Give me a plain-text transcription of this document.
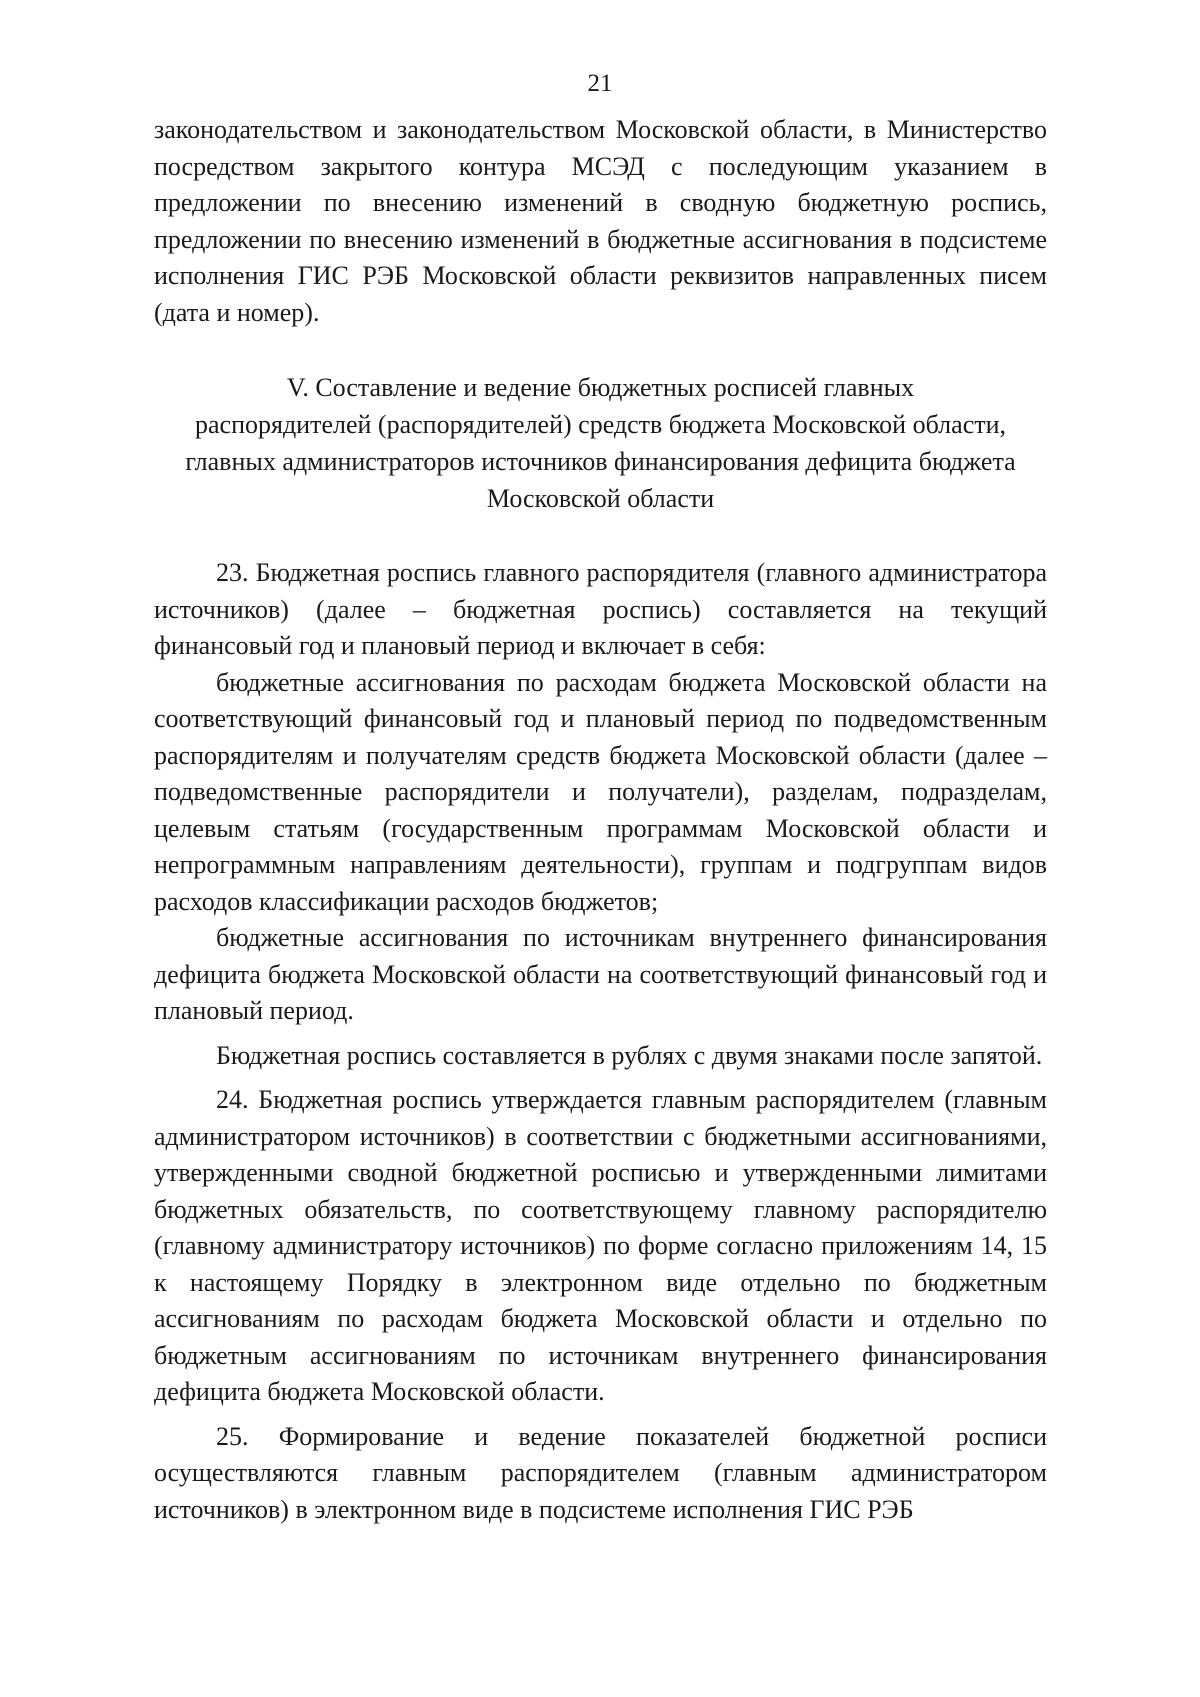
21

законодательством и законодательством Московской области, в Министерство посредством закрытого контура МСЭД с последующим указанием в предложении по внесению изменений в сводную бюджетную роспись, предложении по внесению изменений в бюджетные ассигнования в подсистеме исполнения ГИС РЭБ Московской области реквизитов направленных писем (дата и номер).

V. Составление и ведение бюджетных росписей главных
распорядителей (распорядителей) средств бюджета Московской области,
главных администраторов источников финансирования дефицита бюджета
Московской области

23. Бюджетная роспись главного распорядителя (главного администратора источников) (далее – бюджетная роспись) составляется на текущий финансовый год и плановый период и включает в себя:

бюджетные ассигнования по расходам бюджета Московской области на соответствующий финансовый год и плановый период по подведомственным распорядителям и получателям средств бюджета Московской области (далее – подведомственные распорядители и получатели), разделам, подразделам, целевым статьям (государственным программам Московской области и непрограммным направлениям деятельности), группам и подгруппам видов расходов классификации расходов бюджетов;

бюджетные ассигнования по источникам внутреннего финансирования дефицита бюджета Московской области на соответствующий финансовый год и плановый период.

Бюджетная роспись составляется в рублях с двумя знаками после запятой.

24. Бюджетная роспись утверждается главным распорядителем (главным администратором источников) в соответствии с бюджетными ассигнованиями, утвержденными сводной бюджетной росписью и утвержденными лимитами бюджетных обязательств, по соответствующему главному распорядителю (главному администратору источников) по форме согласно приложениям 14, 15 к настоящему Порядку в электронном виде отдельно по бюджетным ассигнованиям по расходам бюджета Московской области и отдельно по бюджетным ассигнованиям по источникам внутреннего финансирования дефицита бюджета Московской области.

25. Формирование и ведение показателей бюджетной росписи осуществляются главным распорядителем (главным администратором источников) в электронном виде в подсистеме исполнения ГИС РЭБ
